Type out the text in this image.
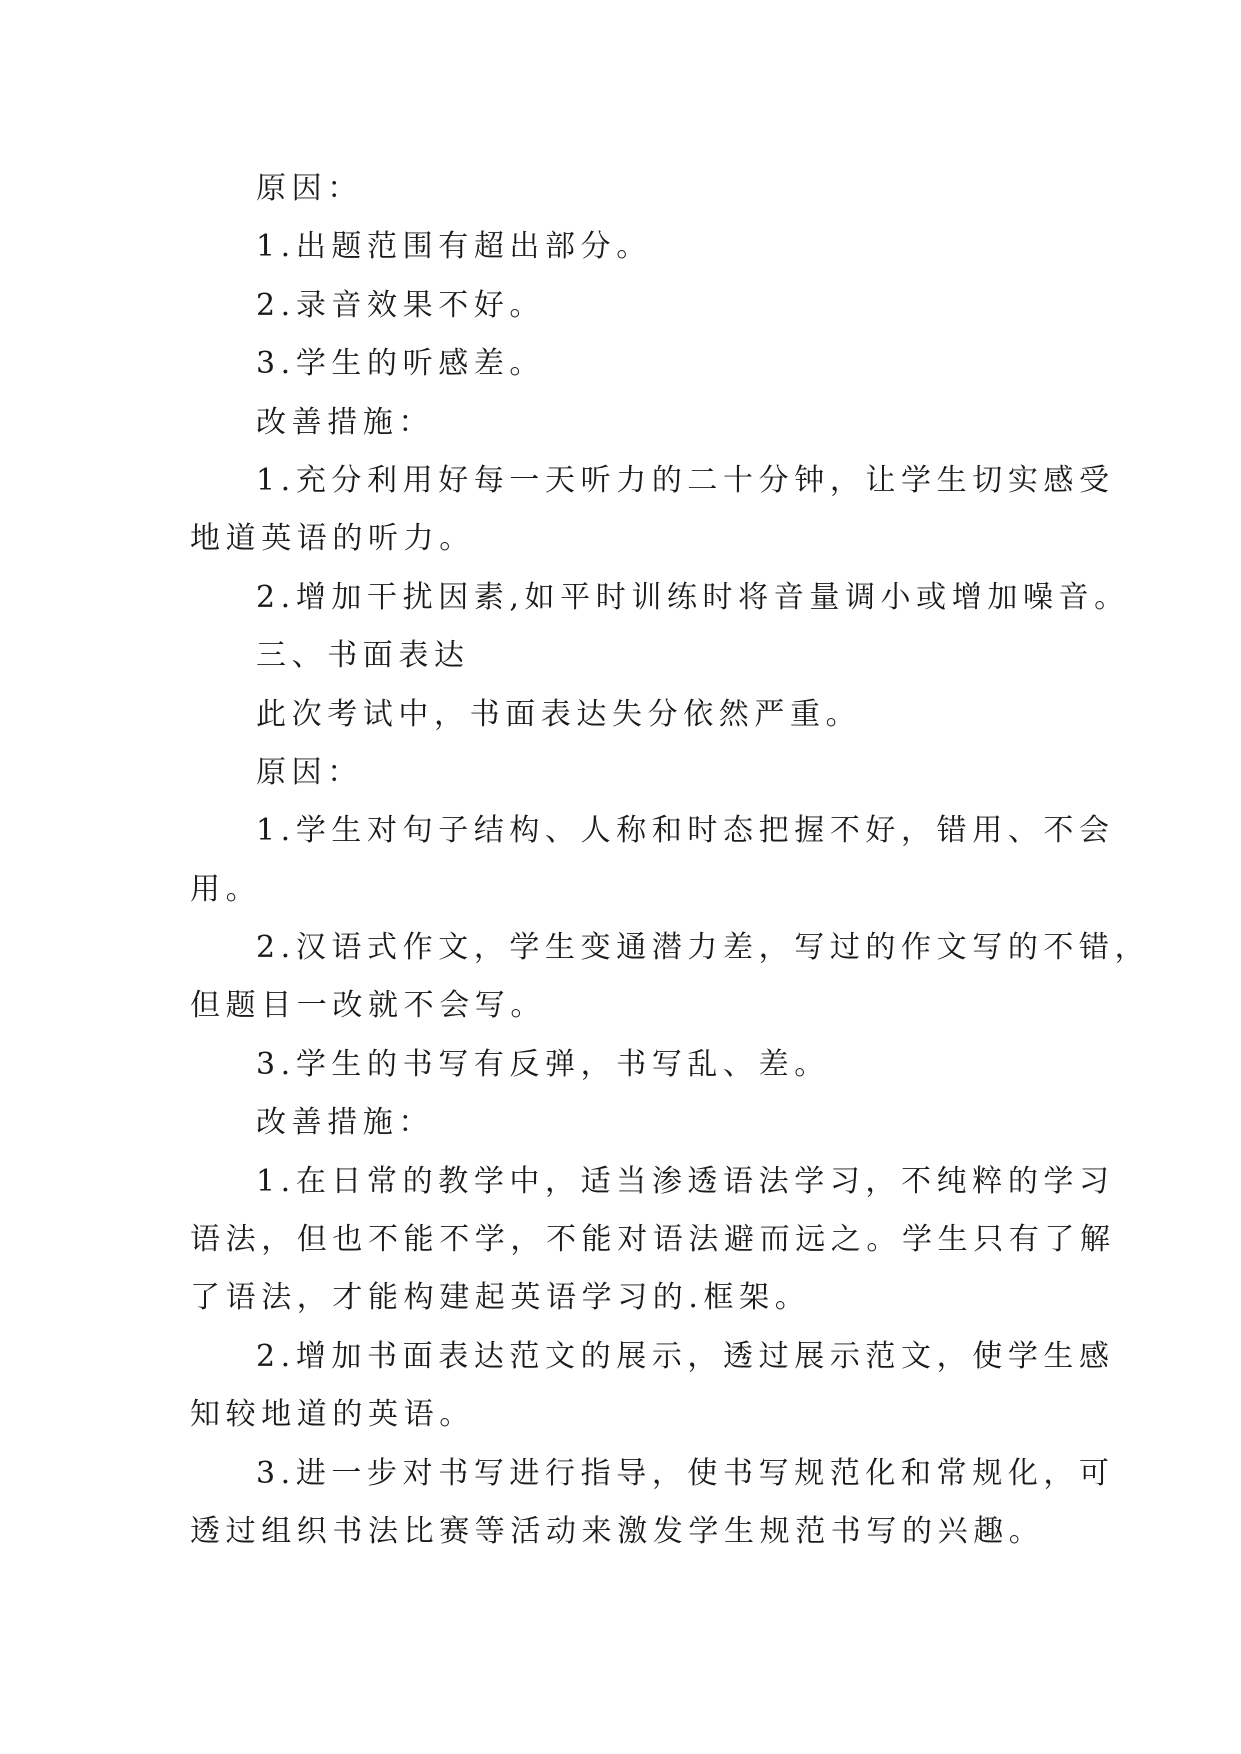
原因：
1.出题范围有超出部分。
2.录音效果不好。
3.学生的听感差。
改善措施：
1.充分利用好每一天听力的二十分钟，让学生切实感受
地道英语的听力。
2.增加干扰因素,如平时训练时将音量调小或增加噪音。
三、书面表达
此次考试中，书面表达失分依然严重。
原因：
1.学生对句子结构、人称和时态把握不好，错用、不会
用。
2.汉语式作文，学生变通潜力差，写过的作文写的不错，
但题目一改就不会写。
3.学生的书写有反弹，书写乱、差。
改善措施：
1.在日常的教学中，适当渗透语法学习，不纯粹的学习
语法，但也不能不学，不能对语法避而远之。学生只有了解
了语法，才能构建起英语学习的.框架。
2.增加书面表达范文的展示，透过展示范文，使学生感
知较地道的英语。
3.进一步对书写进行指导，使书写规范化和常规化，可
透过组织书法比赛等活动来激发学生规范书写的兴趣。
